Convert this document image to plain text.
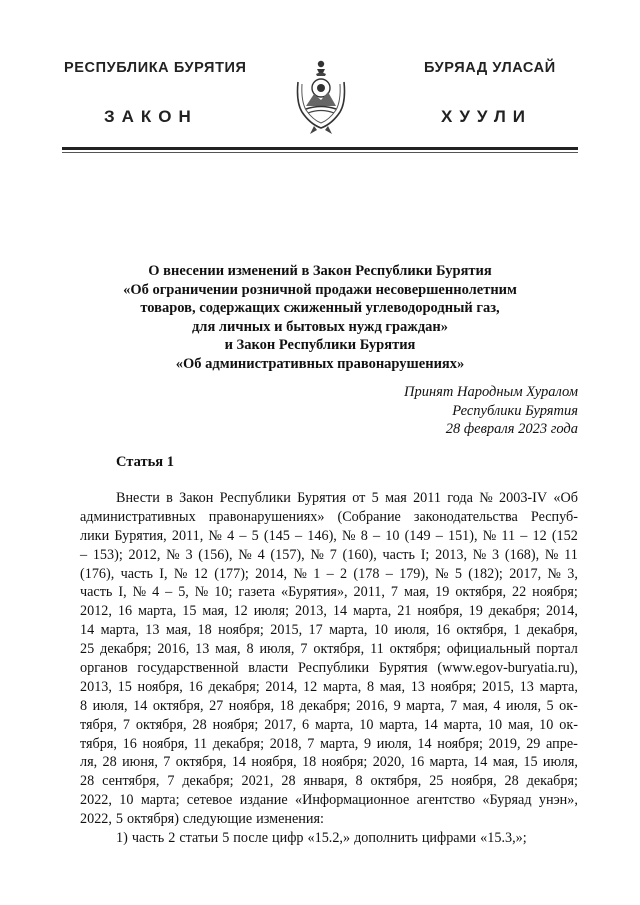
РЕСПУБЛИКА БУРЯТИЯ	БУРЯАД УЛАСАЙ
ЗАКОН	ХУУЛИ
О внесении изменений в Закон Республики Бурятия
«Об ограничении розничной продажи несовершеннолетним
товаров, содержащих сжиженный углеводородный газ,
для личных и бытовых нужд граждан»
и Закон Республики Бурятия
«Об административных правонарушениях»
Принят Народным Хуралом
Республики Бурятия
28 февраля 2023 года
Статья 1
Внести в Закон Республики Бурятия от 5 мая 2011 года № 2003-IV «Об
административных правонарушениях» (Собрание законодательства Респуб-
лики Бурятия, 2011, № 4 – 5 (145 – 146), № 8 – 10 (149 – 151), № 11 – 12 (152
– 153); 2012, № 3 (156), № 4 (157), № 7 (160), часть I; 2013, № 3 (168), № 11
(176), часть I, № 12 (177); 2014, № 1 – 2 (178 – 179), № 5 (182); 2017, № 3,
часть I, № 4 – 5, № 10; газета «Бурятия», 2011, 7 мая, 19 октября, 22 ноября;
2012, 16 марта, 15 мая, 12 июля; 2013, 14 марта, 21 ноября, 19 декабря; 2014,
14 марта, 13 мая, 18 ноября; 2015, 17 марта, 10 июля, 16 октября, 1 декабря,
25 декабря; 2016, 13 мая, 8 июля, 7 октября, 11 октября; официальный портал
органов государственной власти Республики Бурятия (www.egov-buryatia.ru),
2013, 15 ноября, 16 декабря; 2014, 12 марта, 8 мая, 13 ноября; 2015, 13 марта,
8 июля, 14 октября, 27 ноября, 18 декабря; 2016, 9 марта, 7 мая, 4 июля, 5 ок-
тября, 7 октября, 28 ноября; 2017, 6 марта, 10 марта, 14 марта, 10 мая, 10 ок-
тября, 16 ноября, 11 декабря; 2018, 7 марта, 9 июля, 14 ноября; 2019, 29 апре-
ля, 28 июня, 7 октября, 14 ноября, 18 ноября; 2020, 16 марта, 14 мая, 15 июля,
28 сентября, 7 декабря; 2021, 28 января, 8 октября, 25 ноября, 28 декабря;
2022, 10 марта; сетевое издание «Информационное агентство «Буряад унэн»,
2022, 5 октября) следующие изменения:
1) часть 2 статьи 5 после цифр «15.2,» дополнить цифрами «15.3,»;
